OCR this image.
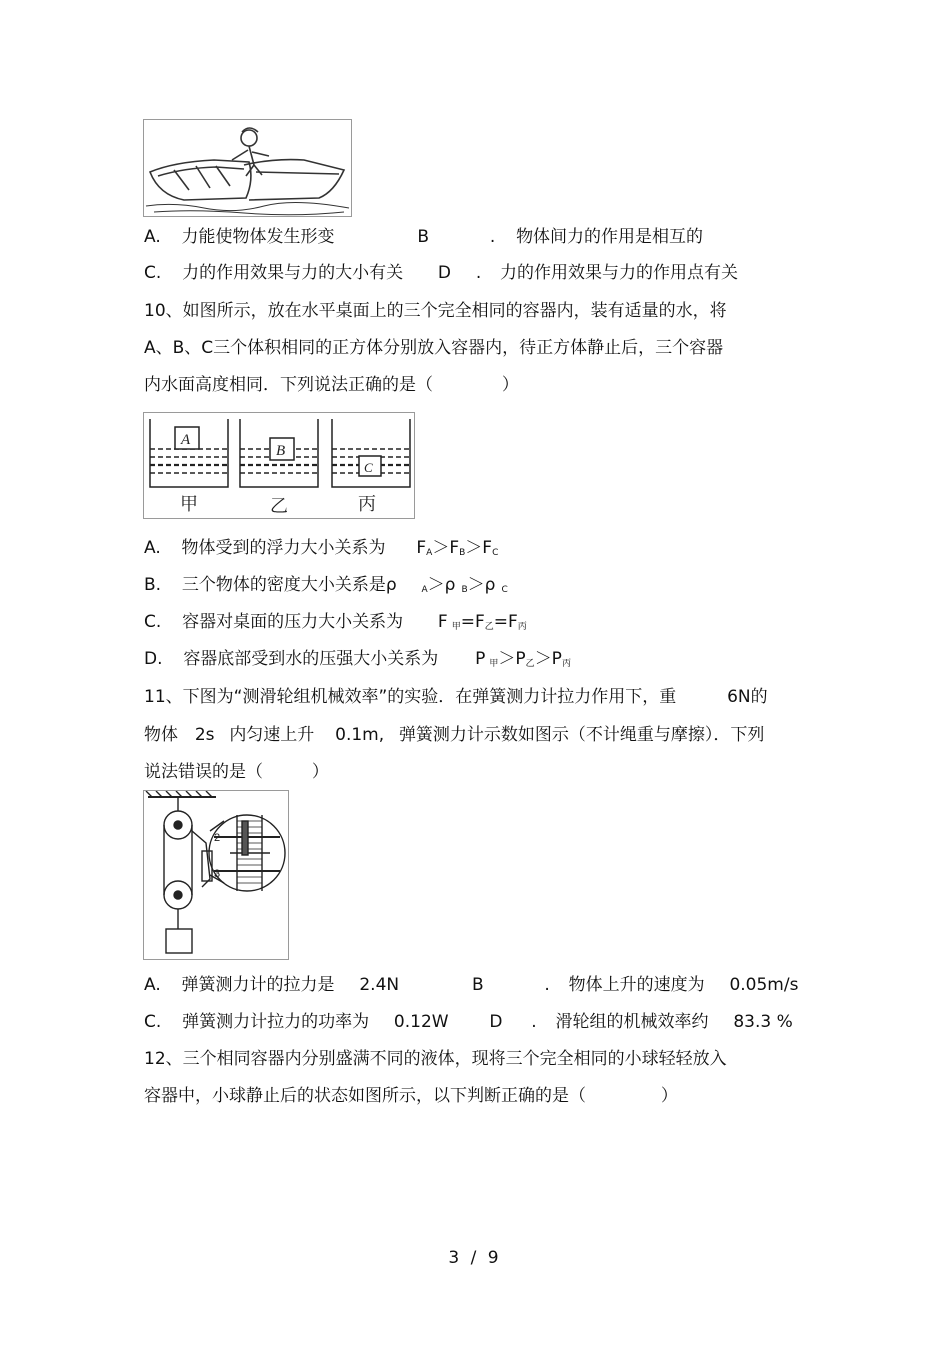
A. 力能使物体发生形变	B	. 物体间力的作用是相互的
C. 力的作用效果与力的大小有关 D . 力的作用效果与力的作用点有关
10、如图所示，放在水平桌面上的三个完全相同的容器内，装有适量的水，将
A、B、C三个体积相同的正方体分别放入容器内，待正方体静止后，三个容器
内水面高度相同．下列说法正确的是（	）
A
B
C
甲	乙	丙
A. 物体受到的浮力大小关系为 $F_A>F_B>F_C$
B. 三个物体的密度大小关系是ρ	$_A$＞ρ $_B$＞ρ $_C$
C. 容器对桌面的压力大小关系为 F $_甲=F_乙=F_丙$
D. 容器底部受到水的压强大小关系为 P $_甲>P_乙>P_丙$
11、下图为“测滑轮组机械效率”的实验．在弹簧测力计拉力作用下，重	6N的
物体 2s 内匀速上升 0.1m, 弹簧测力计示数如图示（不计绳重与摩擦）．下列
说法错误的是（	）
2
3
A. 弹簧测力计的拉力是 2.4N	B	. 物体上升的速度为 0.05m/s
C. 弹簧测力计拉力的功率为 0.12W D . 滑轮组的机械效率约 83.3 %
12、三个相同容器内分别盛满不同的液体，现将三个完全相同的小球轻轻放入
容器中，小球静止后的状态如图所示，以下判断正确的是（	）
3 / 9
